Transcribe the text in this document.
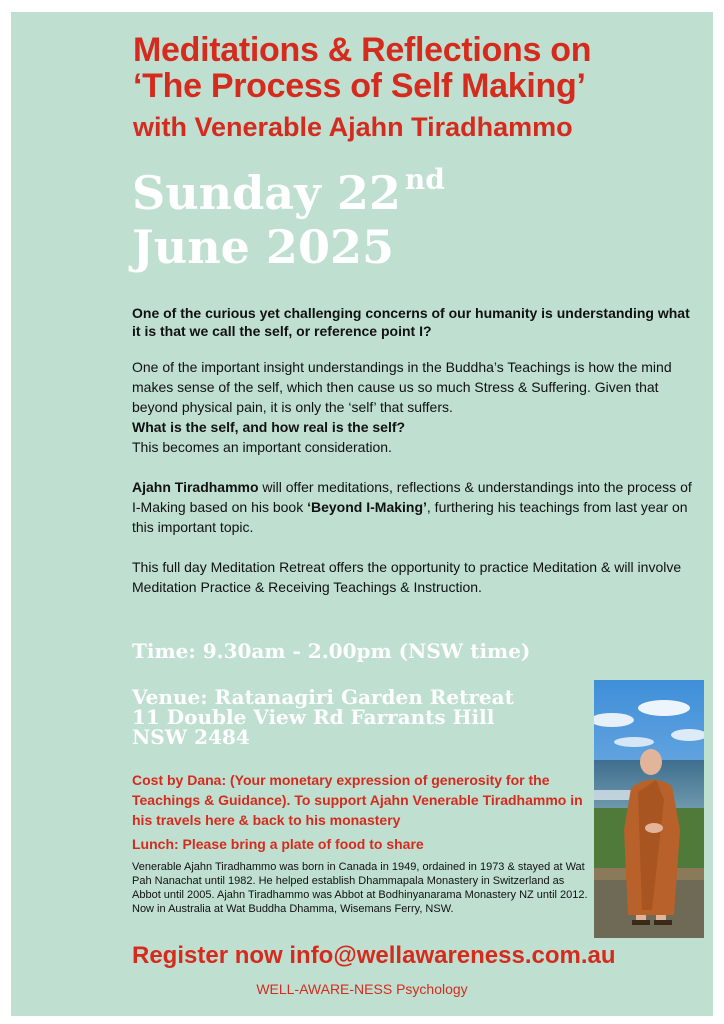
Meditations & Reflections on
‘The Process of Self Making’
with Venerable Ajahn Tiradhammo
Sunday 22 $^{nd}$
June 2025
One of the curious yet challenging concerns of our humanity is understanding what it is that we call the self, or reference point I?
One of the important insight understandings in the Buddha’s Teachings is how the mind makes sense of the self, which then cause us so much Stress & Suffering. Given that beyond physical pain, it is only the ‘self’ that suffers.
What is the self, and how real is the self?
This becomes an important consideration.
Ajahn Tiradhammo will offer meditations, reflections & understandings into the process of I-Making based on his book ‘Beyond I-Making’, furthering his teachings from last year on this important topic.
This full day Meditation Retreat offers the opportunity to practice Meditation & will involve Meditation Practice & Receiving Teachings & Instruction.
Time: 9.30am - 2.00pm (NSW time)
Venue: Ratanagiri Garden Retreat
11 Double View Rd Farrants Hill
NSW 2484
Cost by Dana: (Your monetary expression of generosity for the Teachings & Guidance). To support Ajahn Venerable Tiradhammo in his travels here & back to his monastery
Lunch: Please bring a plate of food to share
Venerable Ajahn Tiradhammo was born in Canada in 1949, ordained in 1973 & stayed at Wat Pah Nanachat until 1982. He helped establish Dhammapala Monastery in Switzerland as Abbot until 2005. Ajahn Tiradhammo was Abbot at Bodhinyanarama Monastery NZ until 2012. Now in Australia at Wat Buddha Dhamma, Wisemans Ferry, NSW.
Register now info@wellawareness.com.au
WELL-AWARE-NESS Psychology
